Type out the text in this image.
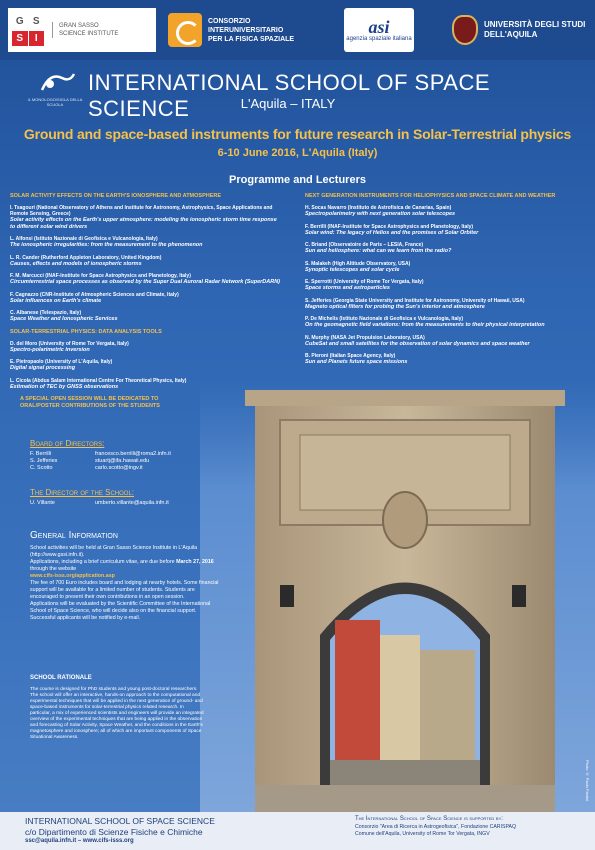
G S
S	I
GRAN SASSO
SCIENCE INSTITUTE
CONSORZIO
INTERUNIVERSITARIO
PER LA FISICA SPAZIALE
asi
agenzia spaziale italiana
UNIVERSITÀ DEGLI STUDI
DELL'AQUILA
IL MONOLOGO/SIGLA DELLA SCUOLA
INTERNATIONAL SCHOOL OF SPACE SCIENCE	L'Aquila – ITALY
Ground and space-based instruments for future research in Solar-Terrestrial physics
6-10 June 2016, L'Aquila (Italy)
Programme and Lecturers
SOLAR ACTIVITY EFFECTS ON THE EARTH'S IONOSPHERE AND ATMOSPHERE
I. Tsagouri (National Observatory of Athens and Institute for Astronomy, Astrophysics, Space Applications and Remote Sensing, Greece)
Solar activity effects on the Earth's upper atmosphere: modeling the ionospheric storm time response to different solar wind drivers
L. Alfonsi (Istituto Nazionale di Geofisica e Vulcanologia, Italy)
The ionospheric irregularities: from the measurement to the phenomenon
L. R. Cander (Rutherford Appleton Laboratory, United Kingdom)
Causes, effects and models of ionospheric storms
F. M. Marcucci (INAF-Institute for Space Astrophysics and Planetology, Italy)
Circumterrestrial space processes as observed by the Super Dual Auroral Radar Network (SuperDARN)
F. Cagnazzo (CNR-Institute of Atmospheric Sciences and Climate, Italy)
Solar influences on Earth's climate
C. Albanese (Telespazio, Italy)
Space Weather and Ionospheric Services
SOLAR-TERRESTRIAL PHYSICS: DATA ANALYSIS TOOLS
D. del Moro (University of Rome Tor Vergata, Italy)
Spectro-polarimetric inversion
E. Pietropaolo (University of L'Aquila, Italy)
Digital signal processing
L. Cicola (Abdus Salam International Centre For Theoretical Physics, Italy)
Estimation of TEC by GNSS observations
A SPECIAL OPEN SESSION WILL BE DEDICATED TO
ORAL/POSTER CONTRIBUTIONS OF THE STUDENTS
NEXT GENERATION INSTRUMENTS FOR HELIOPHYSICS AND SPACE CLIMATE AND WEATHER
H. Socas Navarro (Instituto de Astrofísica de Canarias, Spain)
Spectropolarimetry with next generation solar telescopes
F. Berrilli (INAF-Institute for Space Astrophysics and Planetology, Italy)
Solar wind: The legacy of Helios and the promises of Solar Orbiter
C. Briand (Observatoire de Paris – LESIA, France)
Sun and heliosphere: what can we learn from the radio?
S. Malakeh (High Altitude Observatory, USA)
Synoptic telescopes and solar cycle
E. Sperrotti (University of Rome Tor Vergata, Italy)
Space storms and astroparticles
S. Jefferies (Georgia State University and Institute for Astronomy, University of Hawaii, USA)
Magneto optical filters for probing the Sun's interior and atmosphere
P. De Michelis (Istituto Nazionale di Geofisica e Vulcanologia, Italy)
On the geomagnetic field variations: from the measurements to their physical interpretation
N. Murphy (NASA Jet Propulsion Laboratory, USA)
CubeSat and small satellites for the observation of solar dynamics and space weather
B. Pieroni (Italian Space Agency, Italy)
Sun and Planets future space missions
Board of Directors:
F. Berrilli	francesco.berrilli@roma2.infn.it
S. Jefferies	stuartj@ifa.hawaii.edu
C. Scotto	carlo.scotto@ingv.it
The Director of the School:
U. Villante	umberto.villante@aquila.infn.it
General Information

School activities will be held at Gran Sasso Science Institute in L'Aquila (http://www.gssi.infn.it).

Applications, including a brief curriculum vitae, are due before March 27, 2016 through the website

www.cifs-isss.org/application.asp

The fee of 700 Euro includes board and lodging at nearby hotels. Some financial support will be available for a limited number of students. Students are encouraged to present their own contributions in an open session.

Applications will be evaluated by the Scientific Committee of the International School of Space Science, who will decide also on the financial support.

Successful applicants will be notified by e-mail.

SCHOOL RATIONALE

The course is designed for PhD students and young post-doctoral researchers. The school will offer an interactive, hands-on approach to the computational and experimental techniques that will be applied in the next generation of ground- and space-based instruments for solar-terrestrial physics related research. In particular, a mix of experienced scientists and engineers will provide an integrated overview of the experimental techniques that are being applied in the observation and forecasting of Solar Activity, Space Weather, and the conditions in the Earth's magnetosphere and ionosphere; all of which are important components of Space Situational Awareness.

Photo © Paolo Fantini
INTERNATIONAL SCHOOL OF SPACE SCIENCE
c/o Dipartimento di Scienze Fisiche e Chimiche
ssc@aquila.infn.it – www.cifs-isss.org
The International School of Space Science is supported by:
Consorzio "Area di Ricerca in Astrogeofisica", Fondazione CARISPAQ
Comune dell'Aquila, University of Rome Tor Vergata, INGV
